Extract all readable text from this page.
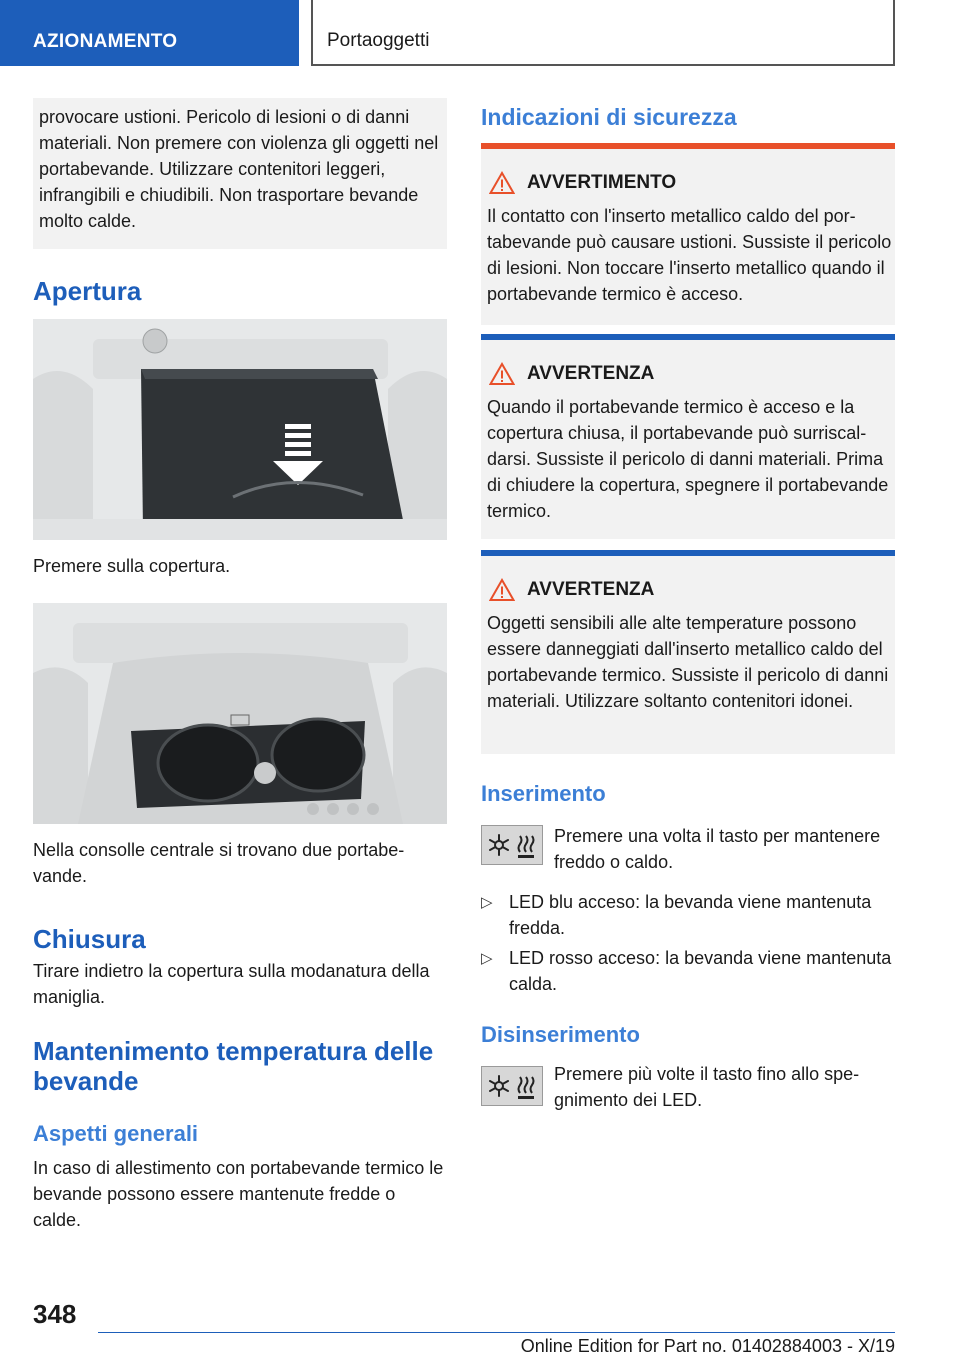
AZIONAMENTO	Portaoggetti
provocare ustioni. Pericolo di lesioni o di danni materiali. Non premere con violenza gli oggetti nel portabevande. Utilizzare contenitori leggeri, infrangibili e chiudibili. Non trasportare bevande molto calde.
Apertura
Premere sulla copertura.
Nella consolle centrale si trovano due portabevande.
Chiusura
Tirare indietro la copertura sulla modanatura della maniglia.
Mantenimento temperatura delle bevande
Aspetti generali
In caso di allestimento con portabevande termico le bevande possono essere mantenute fredde o calde.
Indicazioni di sicurezza
AVVERTIMENTO
Il contatto con l'inserto metallico caldo del portabevande può causare ustioni. Sussiste il pericolo di lesioni. Non toccare l'inserto metallico quando il portabevande termico è acceso.
AVVERTENZA
Quando il portabevande termico è acceso e la copertura chiusa, il portabevande può surriscaldarsi. Sussiste il pericolo di danni materiali. Prima di chiudere la copertura, spegnere il portabevande termico.
AVVERTENZA
Oggetti sensibili alle alte temperature possono essere danneggiati dall'inserto metallico caldo del portabevande termico. Sussiste il pericolo di danni materiali. Utilizzare soltanto contenitori idonei.
Inserimento
Premere una volta il tasto per mantenere freddo o caldo.
▷ LED blu acceso: la bevanda viene mantenuta fredda.
▷ LED rosso acceso: la bevanda viene mantenuta calda.
Disinserimento
Premere più volte il tasto fino allo spegnimento dei LED.
348
Online Edition for Part no. 01402884003 - X/19
